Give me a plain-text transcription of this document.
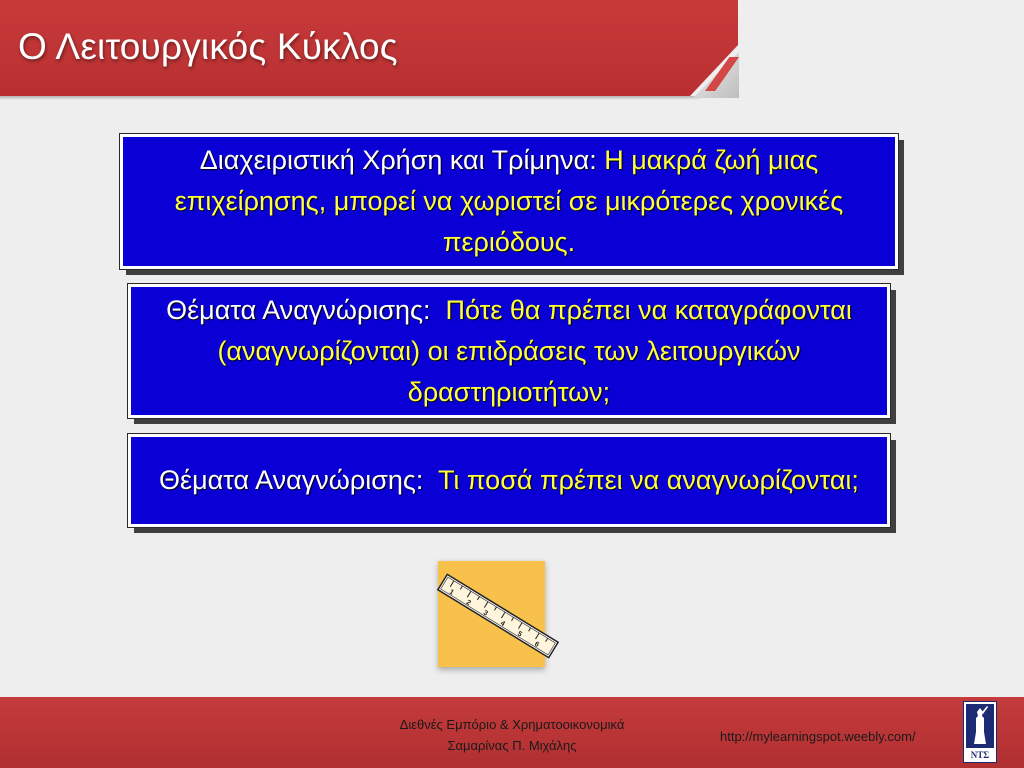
Ο Λειτουργικός Κύκλος

Διαχειριστική Χρήση και Τρίμηνα: Η μακρά ζωή μιας επιχείρησης, μπορεί να χωριστεί σε μικρότερες χρονικές περιόδους.

Θέματα Αναγνώρισης: Πότε θα πρέπει να καταγράφονται (αναγνωρίζονται) οι επιδράσεις των λειτουργικών δραστηριοτήτων;

Θέματα Αναγνώρισης: Τι ποσά πρέπει να αναγνωρίζονται;

1
2
3
4
5
6
Διεθνές Εμπόριο & Χρηματοοικονομικά
Σαμαρίνας Π. Μιχάλης
http://mylearningspot.weebly.com/
ΝΤΣ
